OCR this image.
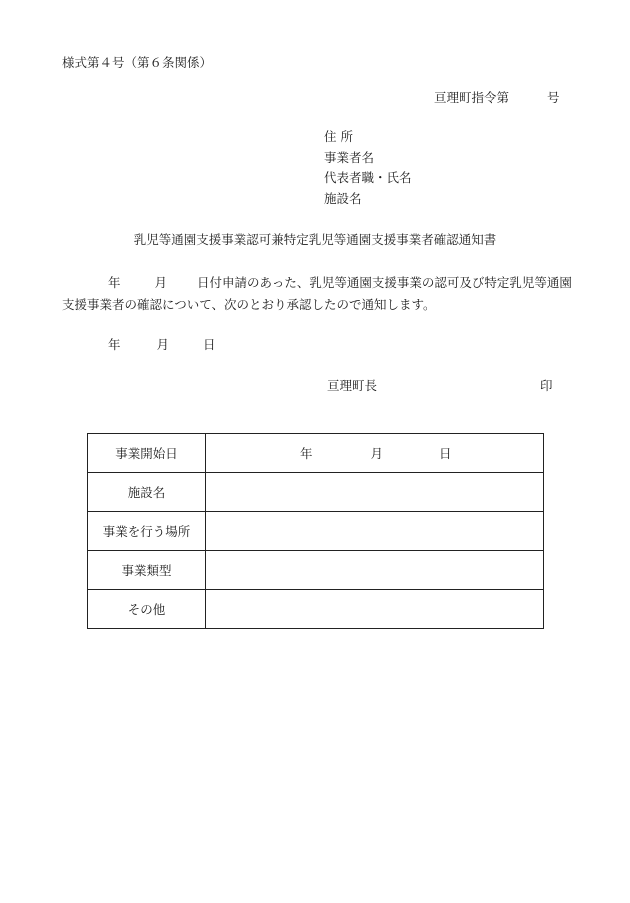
様式第４号（第６条関係）
亘理町指令第	号
住 所
事業者名
代表者職・氏名
施設名
乳児等通園支援事業認可兼特定乳児等通園支援事業者確認通知書
年	月 日付申請のあった、乳児等通園支援事業の認可及び特定乳児等通園支援事業者の確認について、次のとおり承認したので通知します。
年	月	日
亘理町長	印
事業開始日	年 月 日

施設名	
事業を行う場所	
事業類型	
その他	
